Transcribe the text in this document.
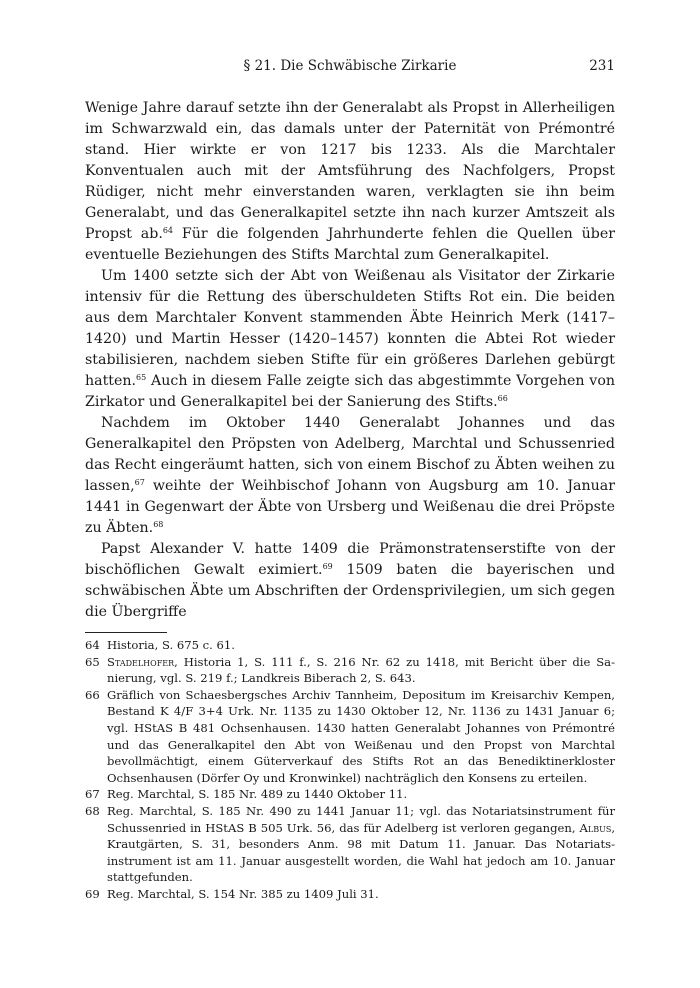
§ 21. Die Schwäbische Zirkarie	231

Wenige Jahre darauf setzte ihn der Generalabt als Propst in Allerheiligen im Schwarzwald ein, das damals unter der Paternität von Prémontré stand. Hier wirkte er von 1217 bis 1233. Als die Marchtaler Konventualen auch mit der Amtsführung des Nachfolgers, Propst Rüdiger, nicht mehr einverstanden waren, verklagten sie ihn beim Generalabt, und das Generalkapitel setzte ihn nach kurzer Amtszeit als Propst ab.$^{64}$ Für die folgenden Jahrhunderte fehlen die Quellen über eventuelle Beziehungen des Stifts Marchtal zum Generalkapitel.

Um 1400 setzte sich der Abt von Weißenau als Visitator der Zirkarie intensiv für die Rettung des überschuldeten Stifts Rot ein. Die beiden aus dem Marchtaler Konvent stammenden Äbte Heinrich Merk (1417–1420) und Martin Hesser (1420–1457) konnten die Abtei Rot wieder stabilisieren, nachdem sieben Stifte für ein größeres Darlehen gebürgt hatten.$^{65}$ Auch in diesem Falle zeigte sich das abgestimmte Vorgehen von Zirkator und Generalkapitel bei der Sanierung des Stifts.$^{66}$

Nachdem im Oktober 1440 Generalabt Johannes und das Generalkapitel den Pröpsten von Adelberg, Marchtal und Schussenried das Recht eingeräumt hatten, sich von einem Bischof zu Äbten weihen zu lassen,$^{67}$ weihte der Weihbischof Johann von Augsburg am 10. Januar 1441 in Gegenwart der Äbte von Ursberg und Weißenau die drei Pröpste zu Äbten.$^{68}$

Papst Alexander V. hatte 1409 die Prämonstratenserstifte von der bischöflichen Gewalt eximiert.$^{69}$ 1509 baten die bayerischen und schwäbischen Äbte um Abschriften der Ordensprivilegien, um sich gegen die Übergriffe

64 Historia, S. 675 c. 61.
65 Stadelhofer, Historia 1, S. 111 f., S. 216 Nr. 62 zu 1418, mit Bericht über die Sanierung, vgl. S. 219 f.; Landkreis Biberach 2, S. 643.
66 Gräflich von Schaesbergsches Archiv Tannheim, Depositum im Kreisarchiv Kempen, Bestand K 4/F 3+4 Urk. Nr. 1135 zu 1430 Oktober 12, Nr. 1136 zu 1431 Januar 6; vgl. HStAS B 481 Ochsenhausen. 1430 hatten Generalabt Johannes von Prémontré und das Generalkapitel den Abt von Weißenau und den Propst von Marchtal bevollmächtigt, einem Güterverkauf des Stifts Rot an das Benediktinerkloster Ochsenhausen (Dörfer Oy und Kronwinkel) nachträglich den Konsens zu erteilen.
67 Reg. Marchtal, S. 185 Nr. 489 zu 1440 Oktober 11.
68 Reg. Marchtal, S. 185 Nr. 490 zu 1441 Januar 11; vgl. das Notariatsinstrument für Schussenried in HStAS B 505 Urk. 56, das für Adelberg ist verloren gegangen, Albus, Krautgärten, S. 31, besonders Anm. 98 mit Datum 11. Januar. Das Notariatsinstrument ist am 11. Januar ausgestellt worden, die Wahl hat jedoch am 10. Januar stattgefunden.
69 Reg. Marchtal, S. 154 Nr. 385 zu 1409 Juli 31.
